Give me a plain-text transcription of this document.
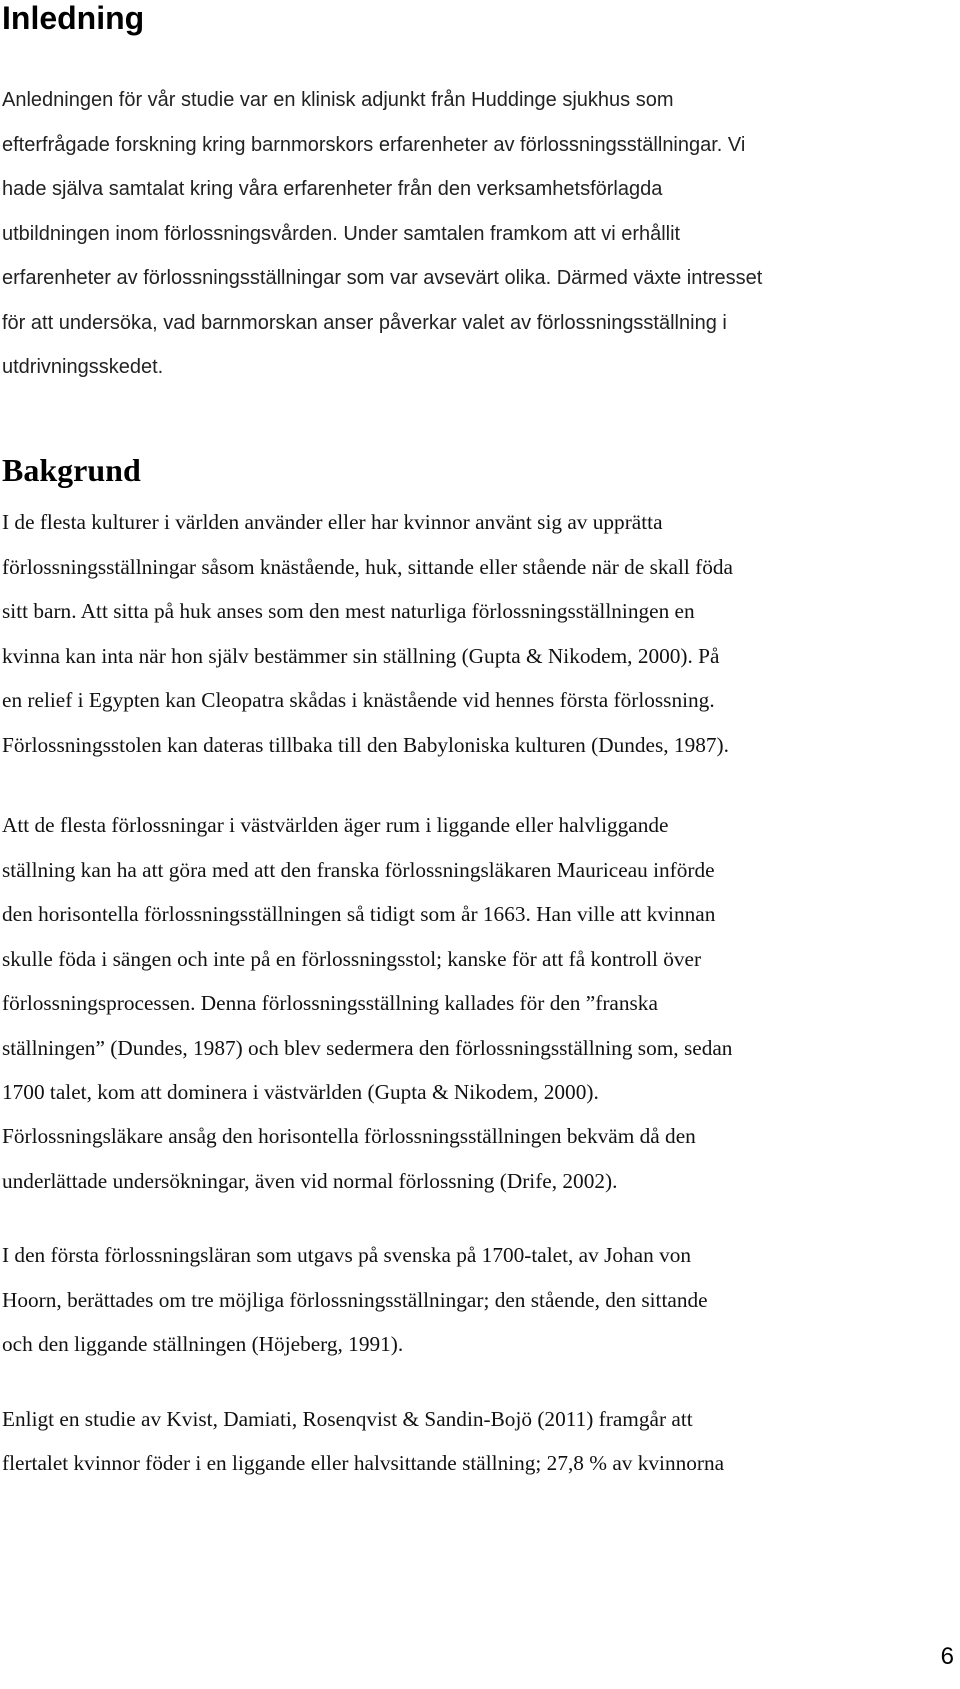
Inledning

Anledningen för vår studie var en klinisk adjunkt från Huddinge sjukhus som

efterfrågade forskning kring barnmorskors erfarenheter av förlossningsställningar. Vi

hade själva samtalat kring våra erfarenheter från den verksamhetsförlagda

utbildningen inom förlossningsvården. Under samtalen framkom att vi erhållit

erfarenheter av förlossningsställningar som var avsevärt olika. Därmed växte intresset

för att undersöka, vad barnmorskan anser påverkar valet av förlossningsställning i

utdrivningsskedet.

Bakgrund

I de flesta kulturer i världen använder eller har kvinnor använt sig av upprätta

förlossningsställningar såsom knästående, huk, sittande eller stående när de skall föda

sitt barn. Att sitta på huk anses som den mest naturliga förlossningsställningen en

kvinna kan inta när hon själv bestämmer sin ställning (Gupta & Nikodem, 2000). På

en relief i Egypten kan Cleopatra skådas i knästående vid hennes första förlossning.

Förlossningsstolen kan dateras tillbaka till den Babyloniska kulturen (Dundes, 1987).

Att de flesta förlossningar i västvärlden äger rum i liggande eller halvliggande

ställning kan ha att göra med att den franska förlossningsläkaren Mauriceau införde

den horisontella förlossningsställningen så tidigt som år 1663. Han ville att kvinnan

skulle föda i sängen och inte på en förlossningsstol; kanske för att få kontroll över

förlossningsprocessen. Denna förlossningsställning kallades för den ”franska

ställningen” (Dundes, 1987) och blev sedermera den förlossningsställning som, sedan

1700 talet, kom att dominera i västvärlden (Gupta & Nikodem, 2000).

Förlossningsläkare ansåg den horisontella förlossningsställningen bekväm då den

underlättade undersökningar, även vid normal förlossning (Drife, 2002).

I den första förlossningsläran som utgavs på svenska på 1700-talet, av Johan von

Hoorn, berättades om tre möjliga förlossningsställningar; den stående, den sittande

och den liggande ställningen (Höjeberg, 1991).

Enligt en studie av Kvist, Damiati, Rosenqvist & Sandin-Bojö (2011) framgår att

flertalet kvinnor föder i en liggande eller halvsittande ställning; 27,8 % av kvinnorna

6
